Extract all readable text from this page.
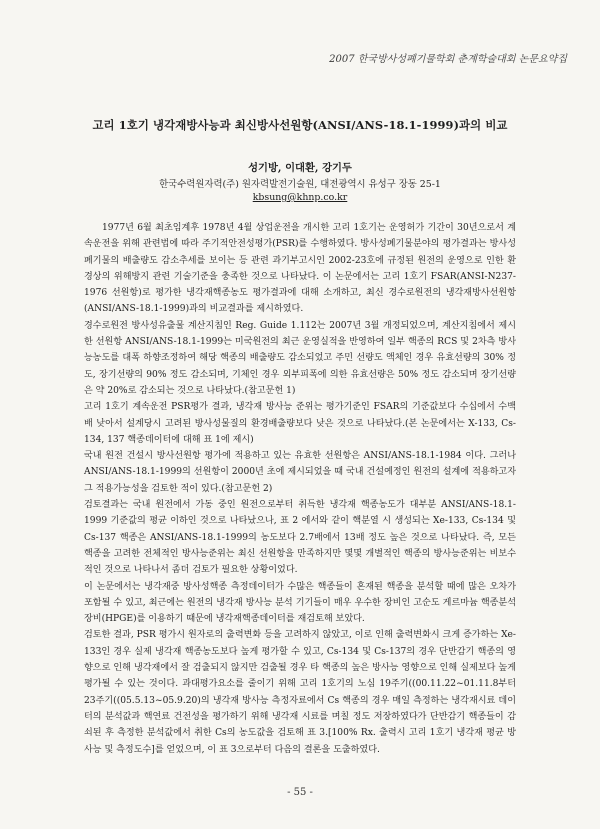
2007 한국방사성폐기물학회 춘계학술대회 논문요약집
고리 1호기 냉각재방사능과 최신방사선원항(ANSI/ANS-18.1-1999)과의 비교
성기방, 이대환, 강기두
한국수력원자력(주) 원자력발전기술원, 대전광역시 유성구 장동 25-1
kbsung@khnp.co.kr

1977년 6월 최초임계후 1978년 4월 상업운전을 개시한 고리 1호기는 운영허가 기간이 30년으로서 계속운전을 위해 관련법에 따라 주기적안전성평가(PSR)를 수행하였다. 방사성폐기물분야의 평가결과는 방사성폐기물의 배출량도 감소추세를 보이는 등 관련 과기부고시인 2002-23호에 규정된 원전의 운영으로 인한 환경상의 위해방지 관련 기술기준을 충족한 것으로 나타났다. 이 논문에서는 고리 1호기 FSAR(ANSI-N237-1976 선원항)로 평가한 냉각재핵종농도 평가결과에 대해 소개하고, 최신 경수로원전의 냉각재방사선원항(ANSI/ANS-18.1-1999)과의 비교결과를 제시하였다.

경수로원전 방사성유출물 계산지침인 Reg. Guide 1.112는 2007년 3월 개정되었으며, 계산지침에서 제시한 선원항 ANSI/ANS-18.1-1999는 미국원전의 최근 운영실적을 반영하여 일부 핵종의 RCS 및 2차측 방사능농도를 대폭 하향조정하여 해당 핵종의 배출량도 감소되었고 주민 선량도 액체인 경우 유효선량의 30% 정도, 장기선량의 90% 정도 감소되며, 기체인 경우 외부피폭에 의한 유효선량은 50% 정도 감소되며 장기선량은 약 20%로 감소되는 것으로 나타났다.(참고문헌 1)

고리 1호기 계속운전 PSR평가 결과, 냉각재 방사능 준위는 평가기준인 FSAR의 기준값보다 수십에서 수백 배 낮아서 설계당시 고려된 방사성물질의 환경배출량보다 낮은 것으로 나타났다.(본 논문에서는 X-133, Cs-134, 137 핵종데이터에 대해 표 1에 제시)

국내 원전 건설시 방사선원항 평가에 적용하고 있는 유효한 선원항은 ANSI/ANS-18.1-1984 이다. 그러나 ANSI/ANS-18.1-1999의 선원항이 2000년 초에 제시되었을 때 국내 건설예정인 원전의 설계에 적용하고자 그 적용가능성을 검토한 적이 있다.(참고문헌 2)

검토결과는 국내 원전에서 가동 중인 원전으로부터 취득한 냉각재 핵종농도가 대부분 ANSI/ANS-18.1-1999 기준값의 평균 이하인 것으로 나타났으나, 표 2 에서와 같이 핵분열 시 생성되는 Xe-133, Cs-134 및 Cs-137 핵종은 ANSI/ANS-18.1-1999의 농도보다 2.7배에서 13배 정도 높은 것으로 나타났다. 즉, 모든 핵종을 고려한 전체적인 방사능준위는 최신 선원항을 만족하지만 몇몇 개별적인 핵종의 방사능준위는 비보수적인 것으로 나타나서 좀더 검토가 필요한 상황이었다.

이 논문에서는 냉각재중 방사성핵종 측정데이터가 수많은 핵종들이 혼재된 핵종을 분석할 때에 많은 오차가 포함될 수 있고, 최근에는 원전의 냉각재 방사능 분석 기기들이 매우 우수한 장비인 고순도 게르마늄 핵종분석장비(HPGE)를 이용하기 때문에 냉각재핵종데이터를 재검토해 보았다.

검토한 결과, PSR 평가시 원자로의 출력변화 등을 고려하지 않았고, 이로 인해 출력변화시 크게 증가하는 Xe-133인 경우 실제 냉각재 핵종농도보다 높게 평가할 수 있고, Cs-134 및 Cs-137의 경우 단반감기 핵종의 영향으로 인해 냉각재에서 잘 검출되지 않지만 검출될 경우 타 핵종의 높은 방사능 영향으로 인해 실제보다 높게 평가될 수 있는 것이다. 과대평가요소를 줄이기 위해 고리 1호기의 노심 19주기((00.11.22~01.11.8부터 23주기((05.5.13~05.9.20)의 냉각재 방사능 측정자료에서 Cs 핵종의 경우 매일 측정하는 냉각재시료 데이터의 분석값과 핵연료 건전성을 평가하기 위해 냉각재 시료를 며칠 정도 저장하였다가 단반감기 핵종들이 감쇠된 후 측정한 분석값에서 취한 Cs의 농도값을 검토해 표 3.[100% Rx. 출력시 고리 1호기 냉각재 평균 방사능 및 측정도수]를 얻었으며, 이 표 3으로부터 다음의 결론을 도출하였다.

- 55 -
